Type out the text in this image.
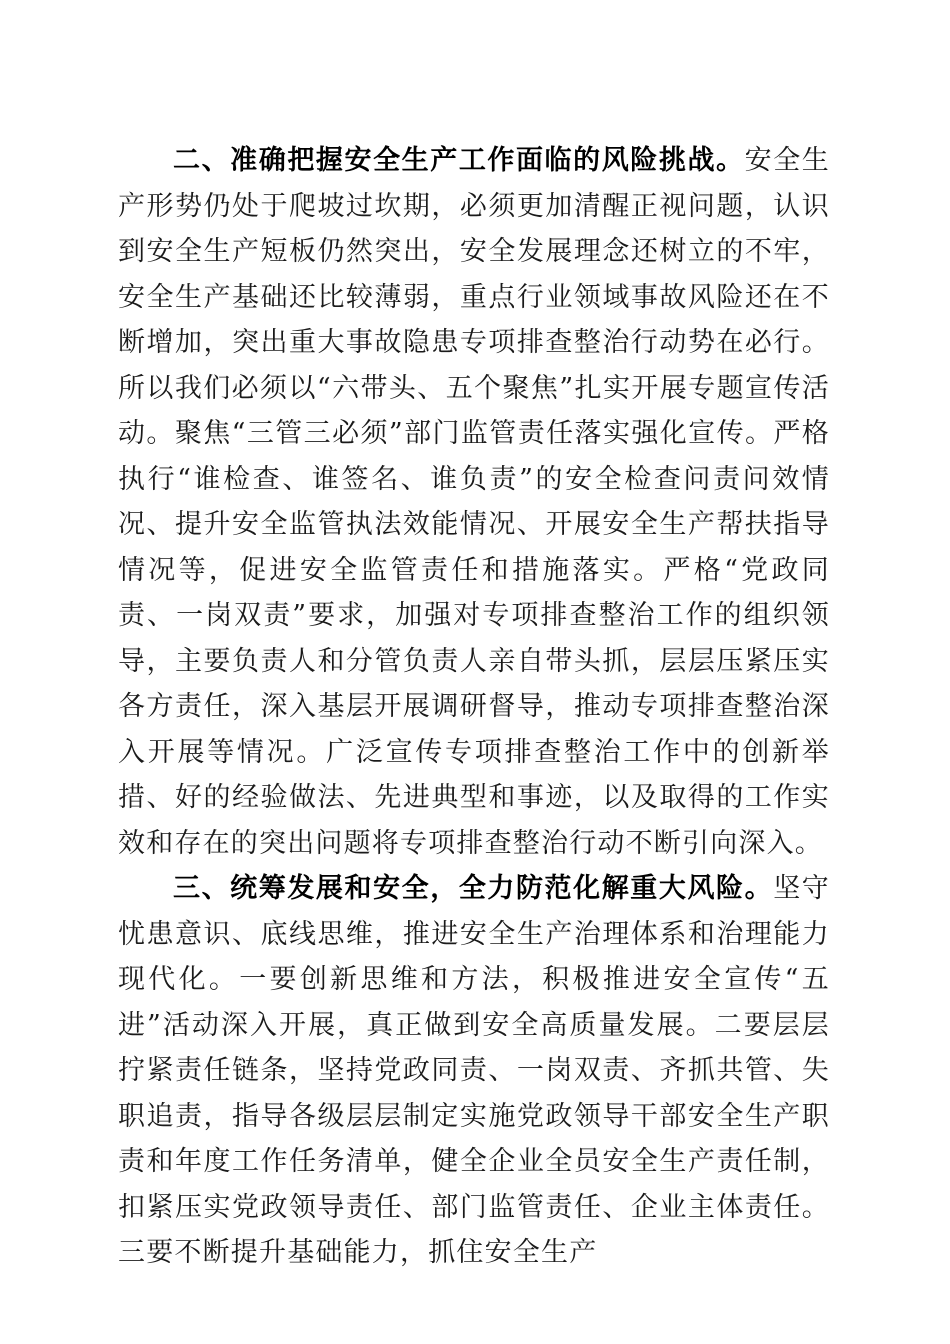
二、准确把握安全生产工作面临的风险挑战。安全生产形势仍处于爬坡过坎期，必须更加清醒正视问题，认识到安全生产短板仍然突出，安全发展理念还树立的不牢，安全生产基础还比较薄弱，重点行业领域事故风险还在不断增加，突出重大事故隐患专项排查整治行动势在必行。所以我们必须以“六带头、五个聚焦”扎实开展专题宣传活动。聚焦“三管三必须”部门监管责任落实强化宣传。严格执行“谁检查、谁签名、谁负责”的安全检查问责问效情况、提升安全监管执法效能情况、开展安全生产帮扶指导情况等，促进安全监管责任和措施落实。严格“党政同责、一岗双责”要求，加强对专项排查整治工作的组织领导，主要负责人和分管负责人亲自带头抓，层层压紧压实各方责任，深入基层开展调研督导，推动专项排查整治深入开展等情况。广泛宣传专项排查整治工作中的创新举措、好的经验做法、先进典型和事迹，以及取得的工作实效和存在的突出问题将专项排查整治行动不断引向深入。

三、统筹发展和安全，全力防范化解重大风险。坚守忧患意识、底线思维，推进安全生产治理体系和治理能力现代化。一要创新思维和方法，积极推进安全宣传“五进”活动深入开展，真正做到安全高质量发展。二要层层拧紧责任链条，坚持党政同责、一岗双责、齐抓共管、失职追责，指导各级层层制定实施党政领导干部安全生产职责和年度工作任务清单，健全企业全员安全生产责任制，扣紧压实党政领导责任、部门监管责任、企业主体责任。三要不断提升基础能力，抓住安全生产
